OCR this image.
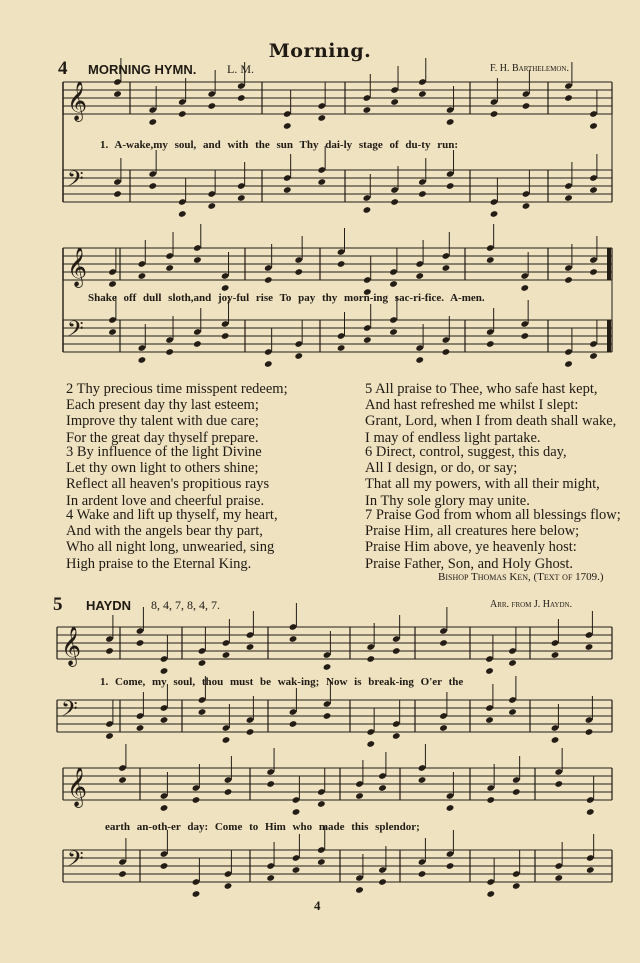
Morning.
4 MORNING HYMN.	L. M.	F. H. Barthelemon.
𝄞
𝄢
𝄞
𝄢
𝄞
𝄢
𝄞
𝄢
1. A-wake,my soul, and with the sun Thy dai-ly stage of du-ty run:
Shake off dull sloth,and joy-ful rise To pay thy morn-ing sac-ri-fice. A-men.
2 Thy precious time misspent redeem;
Each present day thy last esteem;
Improve thy talent with due care;
For the great day thyself prepare.
3 By influence of the light Divine
Let thy own light to others shine;
Reflect all heaven's propitious rays
In ardent love and cheerful praise.
4 Wake and lift up thyself, my heart,
And with the angels bear thy part,
Who all night long, unwearied, sing
High praise to the Eternal King.
5 All praise to Thee, who safe hast kept,
And hast refreshed me whilst I slept:
Grant, Lord, when I from death shall wake,
I may of endless light partake.
6 Direct, control, suggest, this day,
All I design, or do, or say;
That all my powers, with all their might,
In Thy sole glory may unite.
7 Praise God from whom all blessings flow;
Praise Him, all creatures here below;
Praise Him above, ye heavenly host:
Praise Father, Son, and Holy Ghost.
Bishop Thomas Ken, (Text of 1709.)
5 HAYDN 8, 4, 7, 8, 4, 7.	Arr. from J. Haydn.
1. Come, my soul, thou must be wak-ing; Now is break-ing O'er the
earth an-oth-er day: Come to Him who made this splendor;
4
